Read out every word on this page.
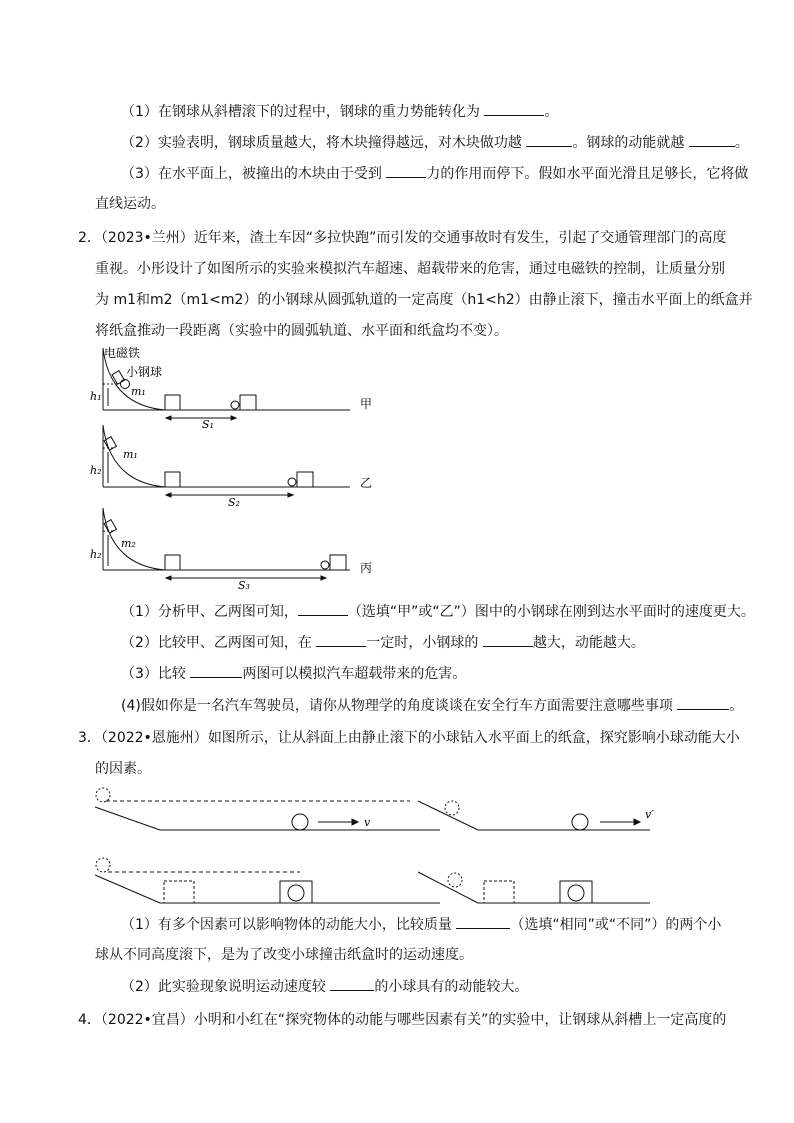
（1）在钢球从斜槽滚下的过程中，钢球的重力势能转化为	。
（2）实验表明，钢球质量越大，将木块撞得越远，对木块做功越	。钢球的动能就越	。
（3）在水平面上，被撞出的木块由于受到	力的作用而停下。假如水平面光滑且足够长，它将做
直线运动。
2．（2023•兰州）近年来，渣土车因“多拉快跑”而引发的交通事故时有发生，引起了交通管理部门的高度
重视。小彤设计了如图所示的实验来模拟汽车超速、超载带来的危害，通过电磁铁的控制，让质量分别
为 m1和m2（m1<m2）的小钢球从圆弧轨道的一定高度（h1<h2）由静止滚下，撞击水平面上的纸盒并
将纸盒推动一段距离（实验中的圆弧轨道、水平面和纸盒均不变）。
电磁铁
小钢球
m₁
h₁
S₁
甲
m₁
h₂
S₂
乙
m₂
h₂
S₃
丙
v
v′
（1）分析甲、乙两图可知，	（选填“甲”或“乙”）图中的小钢球在刚到达水平面时的速度更大。
（2）比较甲、乙两图可知，在	一定时，小钢球的	越大，动能越大。
（3）比较	两图可以模拟汽车超载带来的危害。
(4)假如你是一名汽车驾驶员，请你从物理学的角度谈谈在安全行车方面需要注意哪些事项	。
3．（2022•恩施州）如图所示，让从斜面上由静止滚下的小球钻入水平面上的纸盒，探究影响小球动能大小
的因素。
（1）有多个因素可以影响物体的动能大小，比较质量	（选填“相同”或“不同”）的两个小
球从不同高度滚下，是为了改变小球撞击纸盒时的运动速度。
（2）此实验现象说明运动速度较	的小球具有的动能较大。
4．（2022•宜昌）小明和小红在“探究物体的动能与哪些因素有关”的实验中，让钢球从斜槽上一定高度的
